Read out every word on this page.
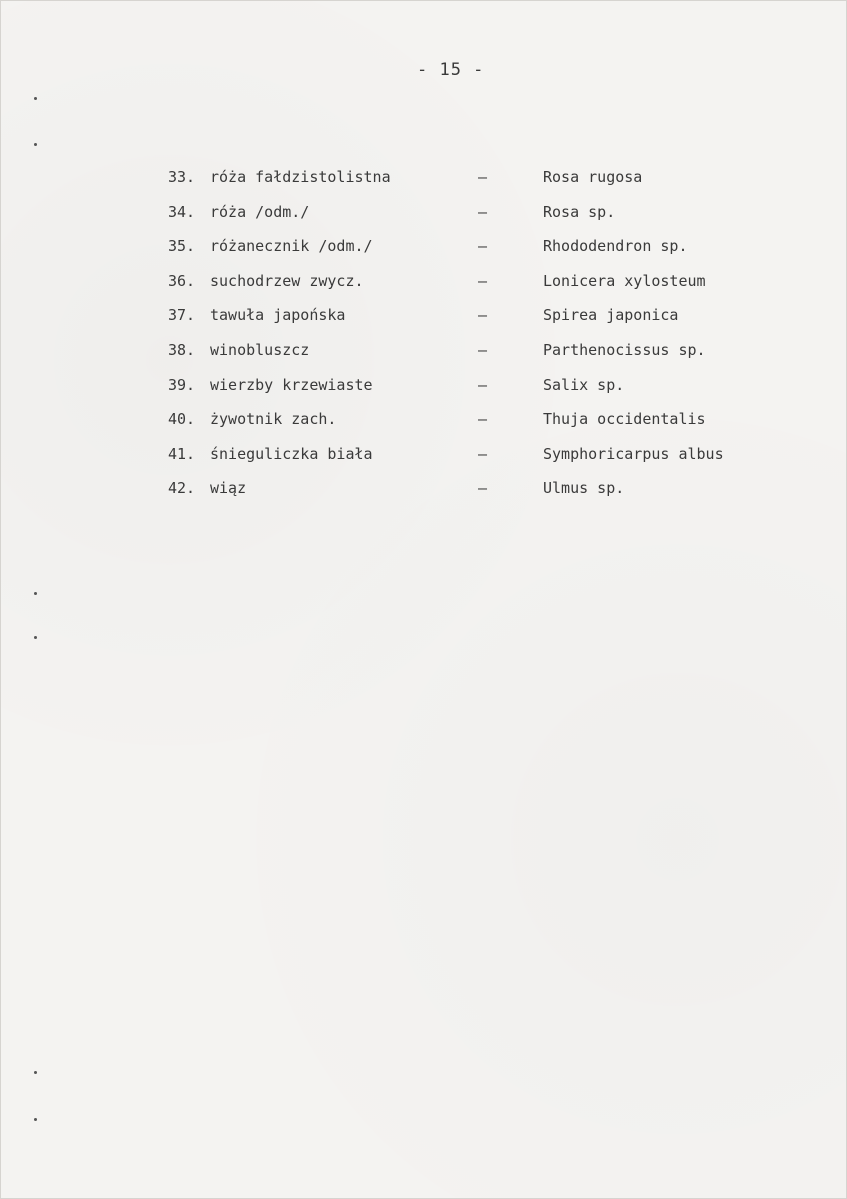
- 15 -
33. róża fałdzistolistna	–	Rosa rugosa
34. róża /odm./	–	Rosa sp.
35. różanecznik /odm./	–	Rhododendron sp.
36. suchodrzew zwycz.	–	Lonicera xylosteum
37. tawuła japońska	–	Spirea japonica
38. winobluszcz	–	Parthenocissus sp.
39. wierzby krzewiaste	–	Salix sp.
40. żywotnik zach.	–	Thuja occidentalis
41. śnieguliczka biała	–	Symphoricarpus albus
42. wiąz	–	Ulmus sp.
